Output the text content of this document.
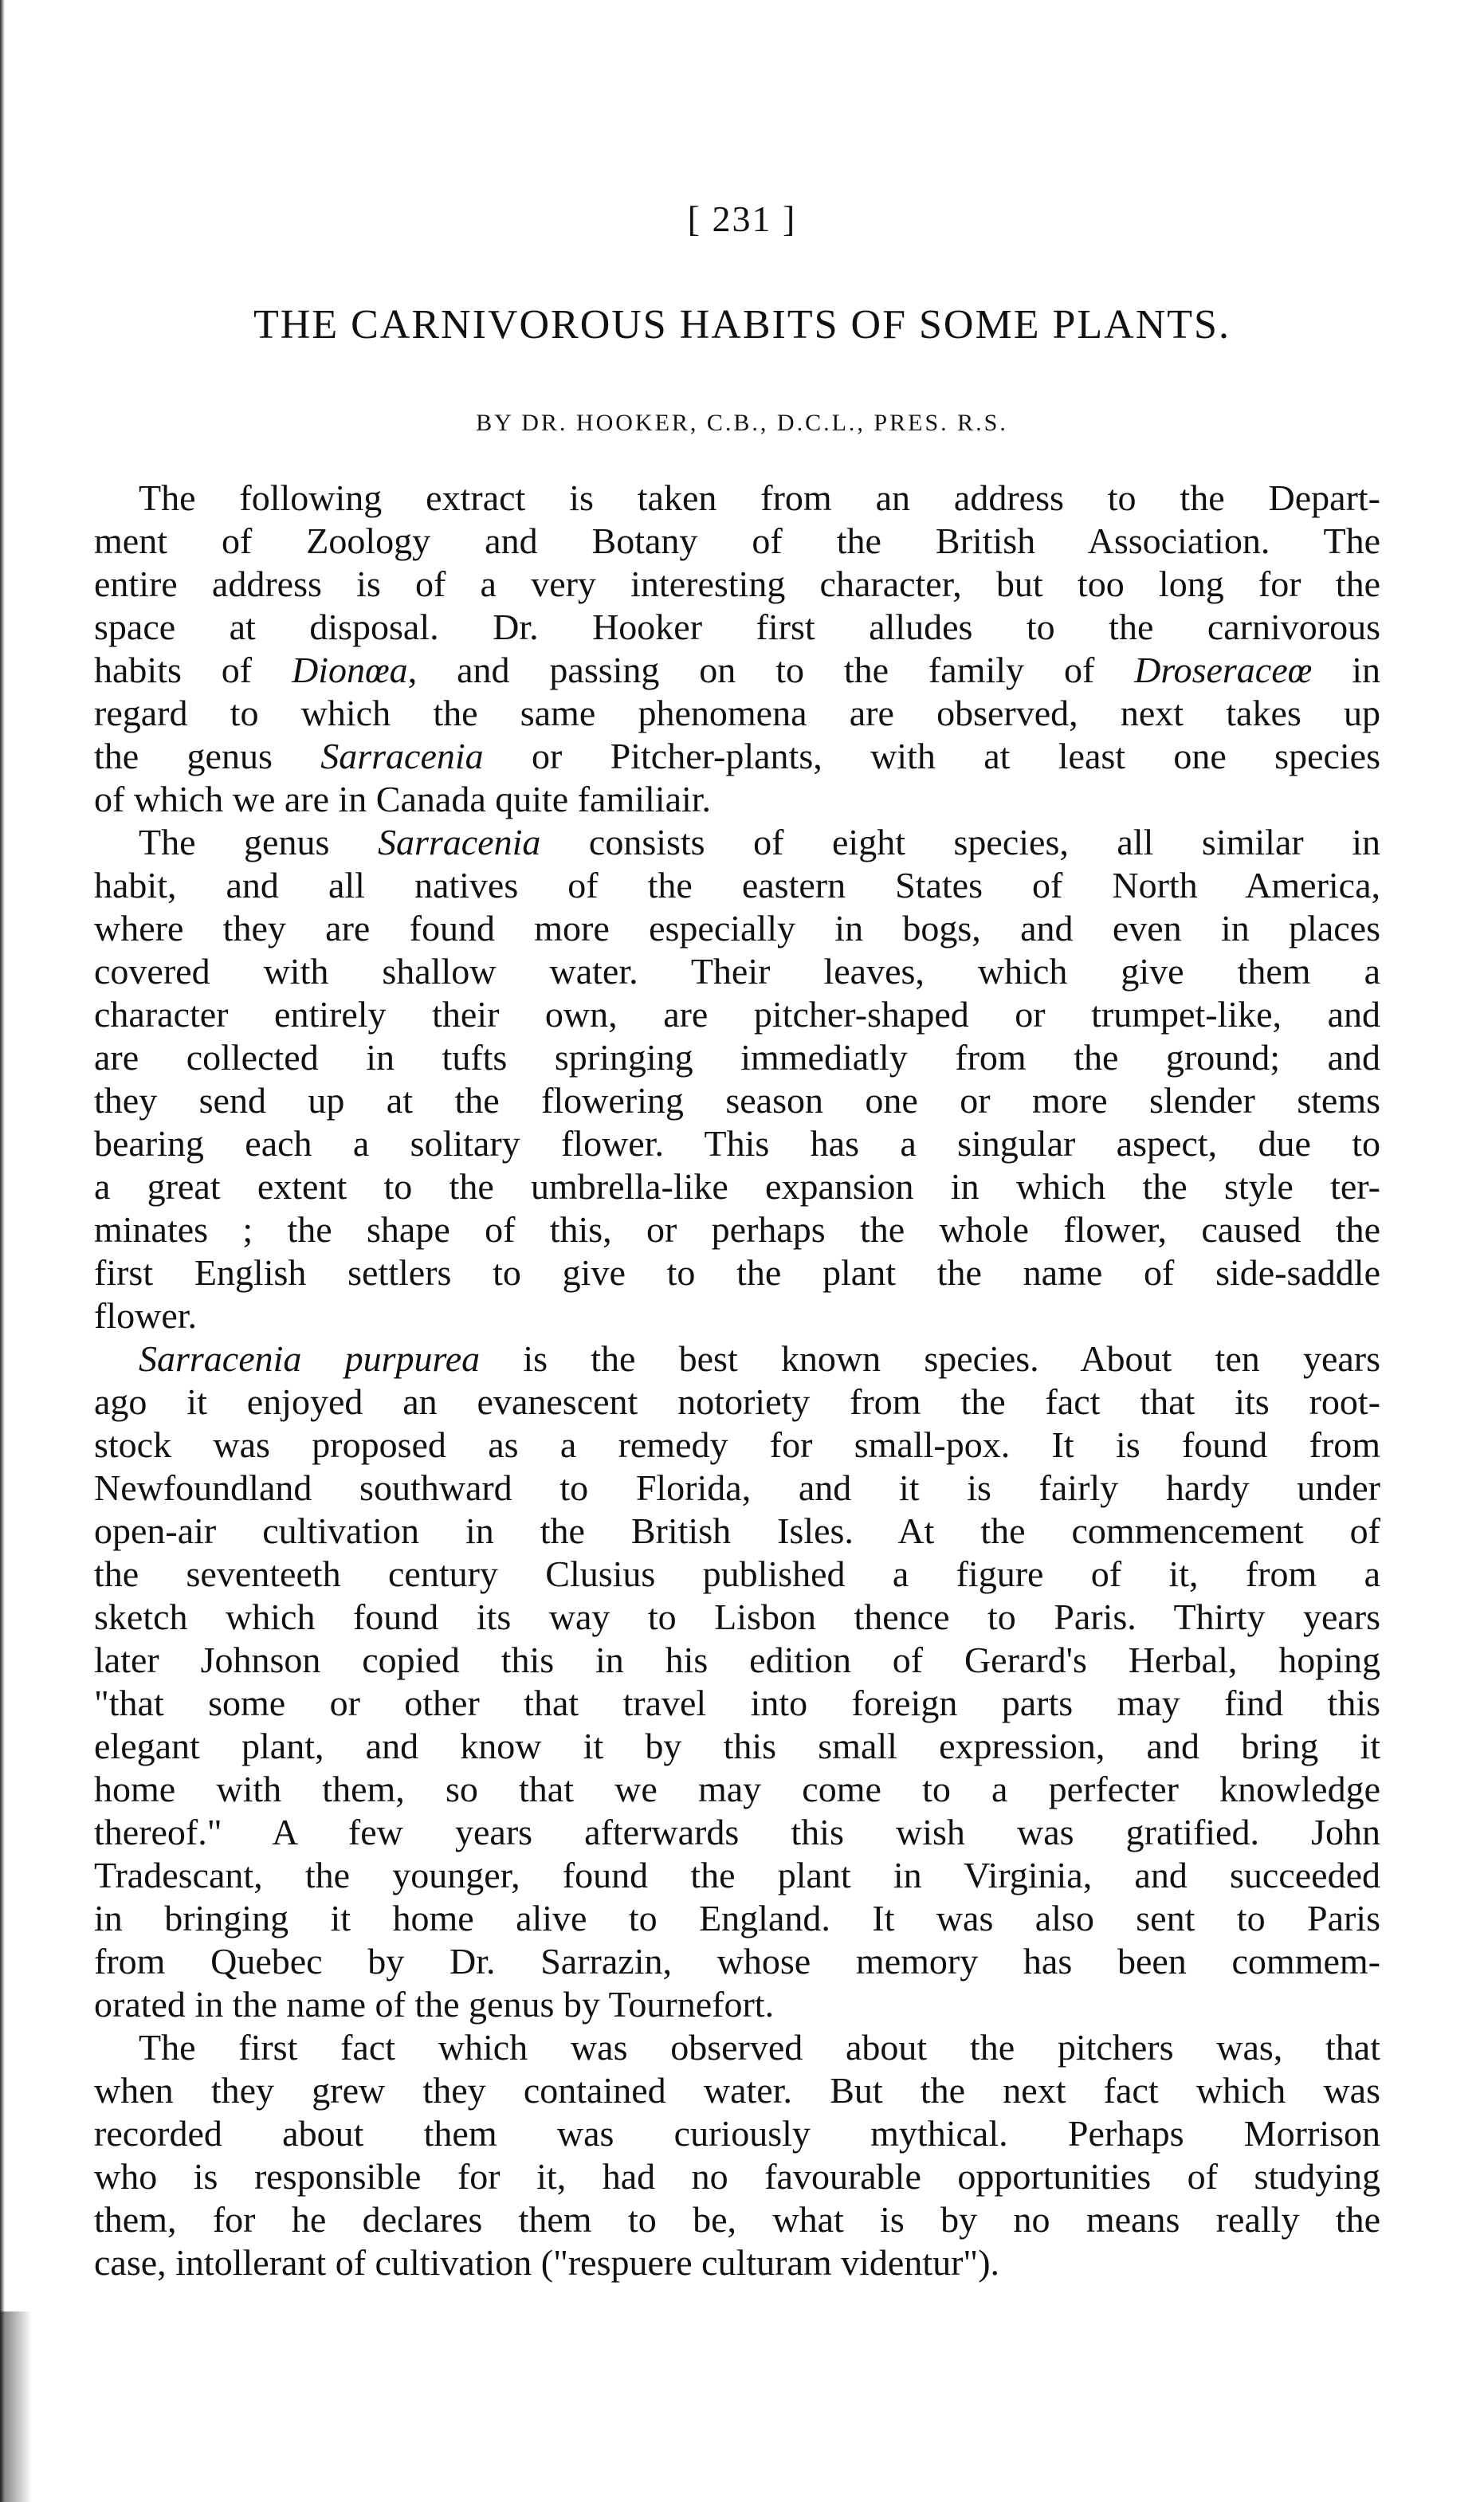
[ 231 ]
THE CARNIVOROUS HABITS OF SOME PLANTS.
BY DR. HOOKER, C.B., D.C.L., PRES. R.S.
The following extract is taken from an address to the Depart-
ment of Zoology and Botany of the British Association. The
entire address is of a very interesting character, but too long for the
space at disposal. Dr. Hooker first alludes to the carnivorous
habits of Dionœa, and passing on to the family of Droseraceœ in
regard to which the same phenomena are observed, next takes up
the genus Sarracenia or Pitcher-plants, with at least one species
of which we are in Canada quite familiair.
The genus Sarracenia consists of eight species, all similar in
habit, and all natives of the eastern States of North America,
where they are found more especially in bogs, and even in places
covered with shallow water. Their leaves, which give them a
character entirely their own, are pitcher-shaped or trumpet-like, and
are collected in tufts springing immediatly from the ground; and
they send up at the flowering season one or more slender stems
bearing each a solitary flower. This has a singular aspect, due to
a great extent to the umbrella-like expansion in which the style ter-
minates ; the shape of this, or perhaps the whole flower, caused the
first English settlers to give to the plant the name of side-saddle
flower.
Sarracenia purpurea is the best known species. About ten years
ago it enjoyed an evanescent notoriety from the fact that its root-
stock was proposed as a remedy for small-pox. It is found from
Newfoundland southward to Florida, and it is fairly hardy under
open-air cultivation in the British Isles. At the commencement of
the seventeeth century Clusius published a figure of it, from a
sketch which found its way to Lisbon thence to Paris. Thirty years
later Johnson copied this in his edition of Gerard's Herbal, hoping
"that some or other that travel into foreign parts may find this
elegant plant, and know it by this small expression, and bring it
home with them, so that we may come to a perfecter knowledge
thereof." A few years afterwards this wish was gratified. John
Tradescant, the younger, found the plant in Virginia, and succeeded
in bringing it home alive to England. It was also sent to Paris
from Quebec by Dr. Sarrazin, whose memory has been commem-
orated in the name of the genus by Tournefort.
The first fact which was observed about the pitchers was, that
when they grew they contained water. But the next fact which was
recorded about them was curiously mythical. Perhaps Morrison
who is responsible for it, had no favourable opportunities of studying
them, for he declares them to be, what is by no means really the
case, intollerant of cultivation ("respuere culturam videntur").
